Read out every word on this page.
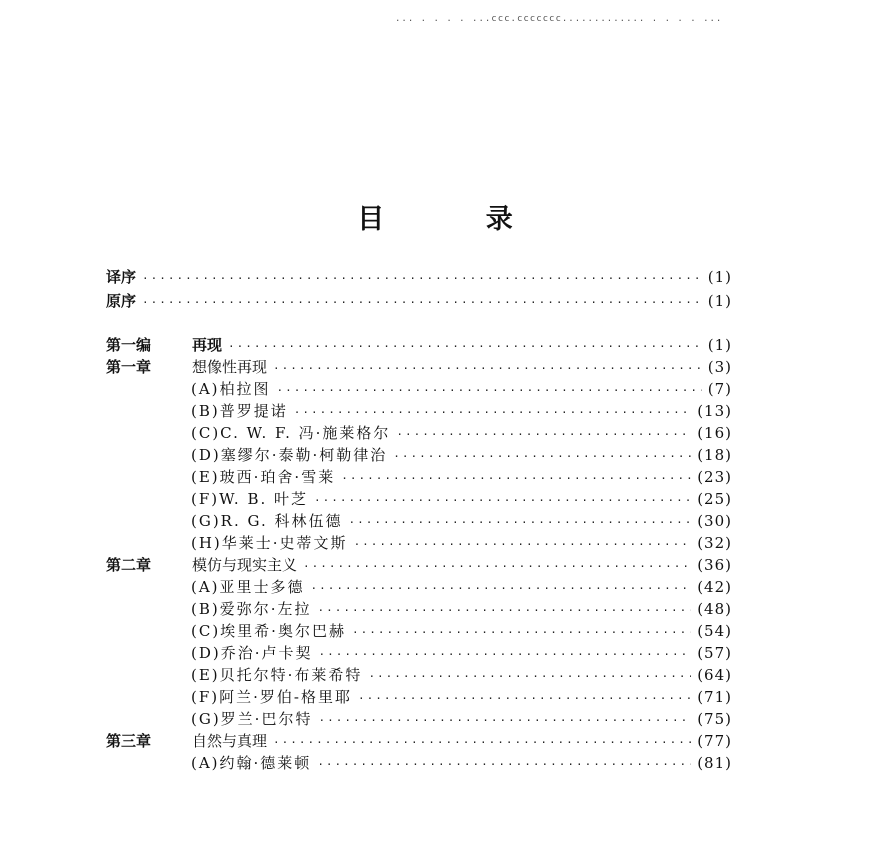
... . . . . ...ccc.ccccccc............. . . . . ...
目 录
译序 ·····	(1)
原序 ·····	(1)
第一编	再现 ·····	(1)
第一章	想像性再现 ·····	(3)
(A)柏拉图 ·····	(7)
(B)普罗提诺 ·····	(13)
(C)C. W. F. 冯·施莱格尔 ·····	(16)
(D)塞缪尔·泰勒·柯勒律治 ·····	(18)
(E)玻西·珀舍·雪莱 ·····	(23)
(F)W. B. 叶芝 ·····	(25)
(G)R. G. 科林伍德 ·····	(30)
(H)华莱士·史蒂文斯 ·····	(32)
第二章	模仿与现实主义 ·····	(36)
(A)亚里士多德 ·····	(42)
(B)爱弥尔·左拉 ·····	(48)
(C)埃里希·奥尔巴赫 ·····	(54)
(D)乔治·卢卡契 ·····	(57)
(E)贝托尔特·布莱希特 ·····	(64)
(F)阿兰·罗伯-格里耶 ·····	(71)
(G)罗兰·巴尔特 ·····	(75)
第三章	自然与真理 ·····	(77)
(A)约翰·德莱顿 ·····	(81)
